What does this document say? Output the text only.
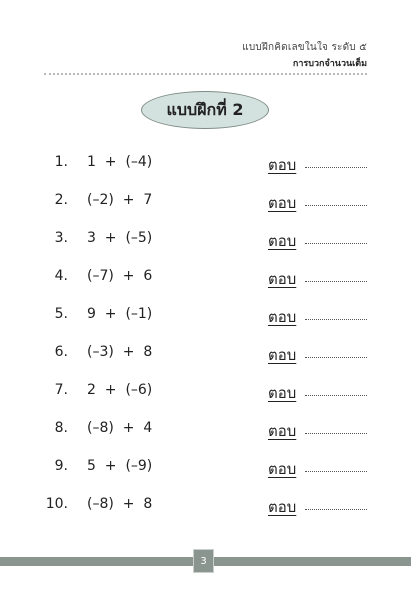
แบบฝึกคิดเลขในใจ ระดับ ๕
การบวกจำนวนเต็ม
แบบฝึกที่ 2
1. 1  +  (–4)	ตอบ
2. (–2)  +  7	ตอบ
3. 3  +  (–5)	ตอบ
4. (–7)  +  6	ตอบ
5. 9  +  (–1)	ตอบ
6. (–3)  +  8	ตอบ
7. 2  +  (–6)	ตอบ
8. (–8)  +  4	ตอบ
9. 5  +  (–9)	ตอบ
10. (–8)  +  8	ตอบ
3
